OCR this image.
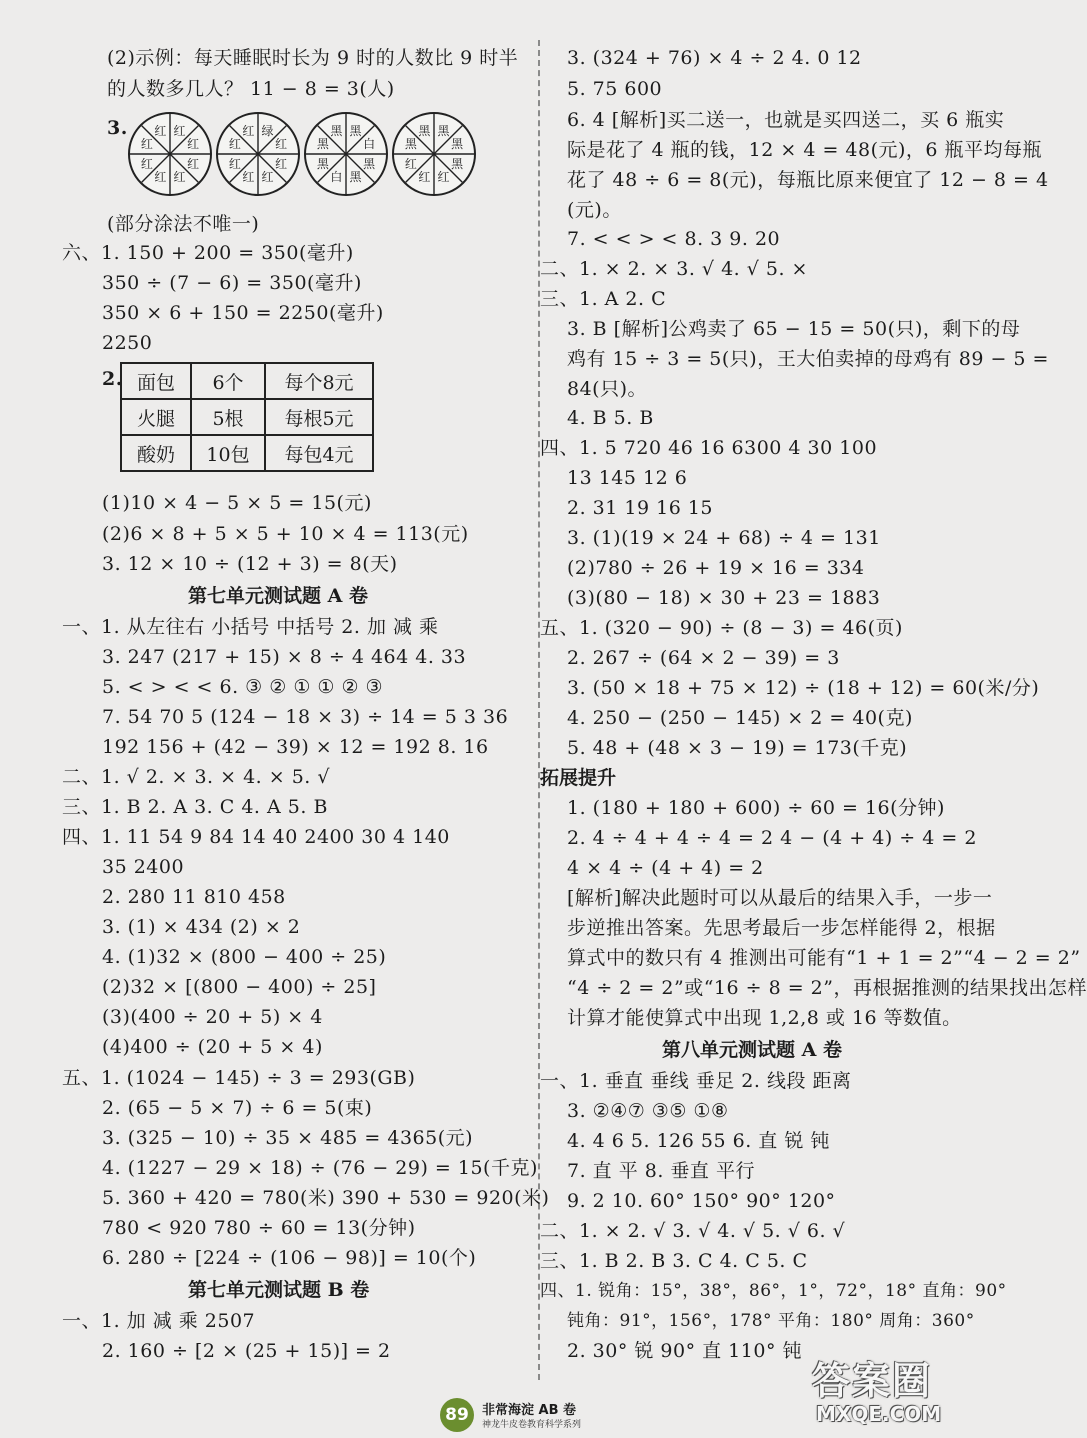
(2)示例：每天睡眠时长为 9 时的人数比 9 时半
的人数多几人？ 11 − 8 = 3(人)
3.	红
红
红
红
红
红
红
红	绿
红
红
红
红
红
红
红	黑
白
黑
黑
白
黑
黑
黑	黑
黑
黑
红
红
红
黑
黑
(部分涂法不唯一)
六、1. 150 + 200 = 350(毫升)
350 ÷ (7 − 6) = 350(毫升)
350 × 6 + 150 = 2250(毫升)
2250
2. 面包	6个	每个8元
火腿	5根	每根5元
酸奶	10包	每包4元
(1)10 × 4 − 5 × 5 = 15(元)
(2)6 × 8 + 5 × 5 + 10 × 4 = 113(元)
3. 12 × 10 ÷ (12 + 3) = 8(天)
第七单元测试题 A 卷
一、1. 从左往右 小括号 中括号 2. 加 减 乘
3. 247 (217 + 15) × 8 ÷ 4 464 4. 33
5. < > < < 6. ③ ② ① ① ② ③
7. 54 70 5 (124 − 18 × 3) ÷ 14 = 5 3 36
192 156 + (42 − 39) × 12 = 192 8. 16
二、1. √ 2. × 3. × 4. × 5. √
三、1. B 2. A 3. C 4. A 5. B
四、1. 11 54 9 84 14 40 2400 30 4 140
35 2400
2. 280 11 810 458
3. (1) × 434 (2) × 2
4. (1)32 × (800 − 400 ÷ 25)
(2)32 × [(800 − 400) ÷ 25]
(3)(400 ÷ 20 + 5) × 4
(4)400 ÷ (20 + 5 × 4)
五、1. (1024 − 145) ÷ 3 = 293(GB)
2. (65 − 5 × 7) ÷ 6 = 5(束)
3. (325 − 10) ÷ 35 × 485 = 4365(元)
4. (1227 − 29 × 18) ÷ (76 − 29) = 15(千克)
5. 360 + 420 = 780(米) 390 + 530 = 920(米)
780 < 920 780 ÷ 60 = 13(分钟)
6. 280 ÷ [224 ÷ (106 − 98)] = 10(个)
第七单元测试题 B 卷
一、1. 加 减 乘 2507
2. 160 ÷ [2 × (25 + 15)] = 2
3. (324 + 76) × 4 ÷ 2 4. 0 12
5. 75 600
6. 4 [解析]买二送一，也就是买四送二，买 6 瓶实
际是花了 4 瓶的钱，12 × 4 = 48(元)，6 瓶平均每瓶
花了 48 ÷ 6 = 8(元)，每瓶比原来便宜了 12 − 8 = 4
(元)。
7. < < > < 8. 3 9. 20
二、1. × 2. × 3. √ 4. √ 5. ×
三、1. A 2. C
3. B [解析]公鸡卖了 65 − 15 = 50(只)，剩下的母
鸡有 15 ÷ 3 = 5(只)，王大伯卖掉的母鸡有 89 − 5 =
84(只)。
4. B 5. B
四、1. 5 720 46 16 6300 4 30 100
13 145 12 6
2. 31 19 16 15
3. (1)(19 × 24 + 68) ÷ 4 = 131
(2)780 ÷ 26 + 19 × 16 = 334
(3)(80 − 18) × 30 + 23 = 1883
五、1. (320 − 90) ÷ (8 − 3) = 46(页)
2. 267 ÷ (64 × 2 − 39) = 3
3. (50 × 18 + 75 × 12) ÷ (18 + 12) = 60(米/分)
4. 250 − (250 − 145) × 2 = 40(克)
5. 48 + (48 × 3 − 19) = 173(千克)
拓展提升
1. (180 + 180 + 600) ÷ 60 = 16(分钟)
2. 4 ÷ 4 + 4 ÷ 4 = 2 4 − (4 + 4) ÷ 4 = 2
4 × 4 ÷ (4 + 4) = 2
[解析]解决此题时可以从最后的结果入手，一步一
步逆推出答案。先思考最后一步怎样能得 2，根据
算式中的数只有 4 推测出可能有“1 + 1 = 2”“4 − 2 = 2”
“4 ÷ 2 = 2”或“16 ÷ 8 = 2”，再根据推测的结果找出怎样
计算才能使算式中出现 1,2,8 或 16 等数值。
第八单元测试题 A 卷
一、1. 垂直 垂线 垂足 2. 线段 距离
3. ②④⑦ ③⑤ ①⑧
4. 4 6 5. 126 55 6. 直 锐 钝
7. 直 平 8. 垂直 平行
9. 2 10. 60° 150° 90° 120°
二、1. × 2. √ 3. √ 4. √ 5. √ 6. √
三、1. B 2. B 3. C 4. C 5. C
四、1. 锐角：15°，38°，86°，1°，72°，18° 直角：90°
钝角：91°，156°，178° 平角：180° 周角：360°
2. 30° 锐 90° 直 110° 钝
89	非常海淀 AB 卷
神龙牛皮卷教育科学系列
答案圈
MXQE.COM
